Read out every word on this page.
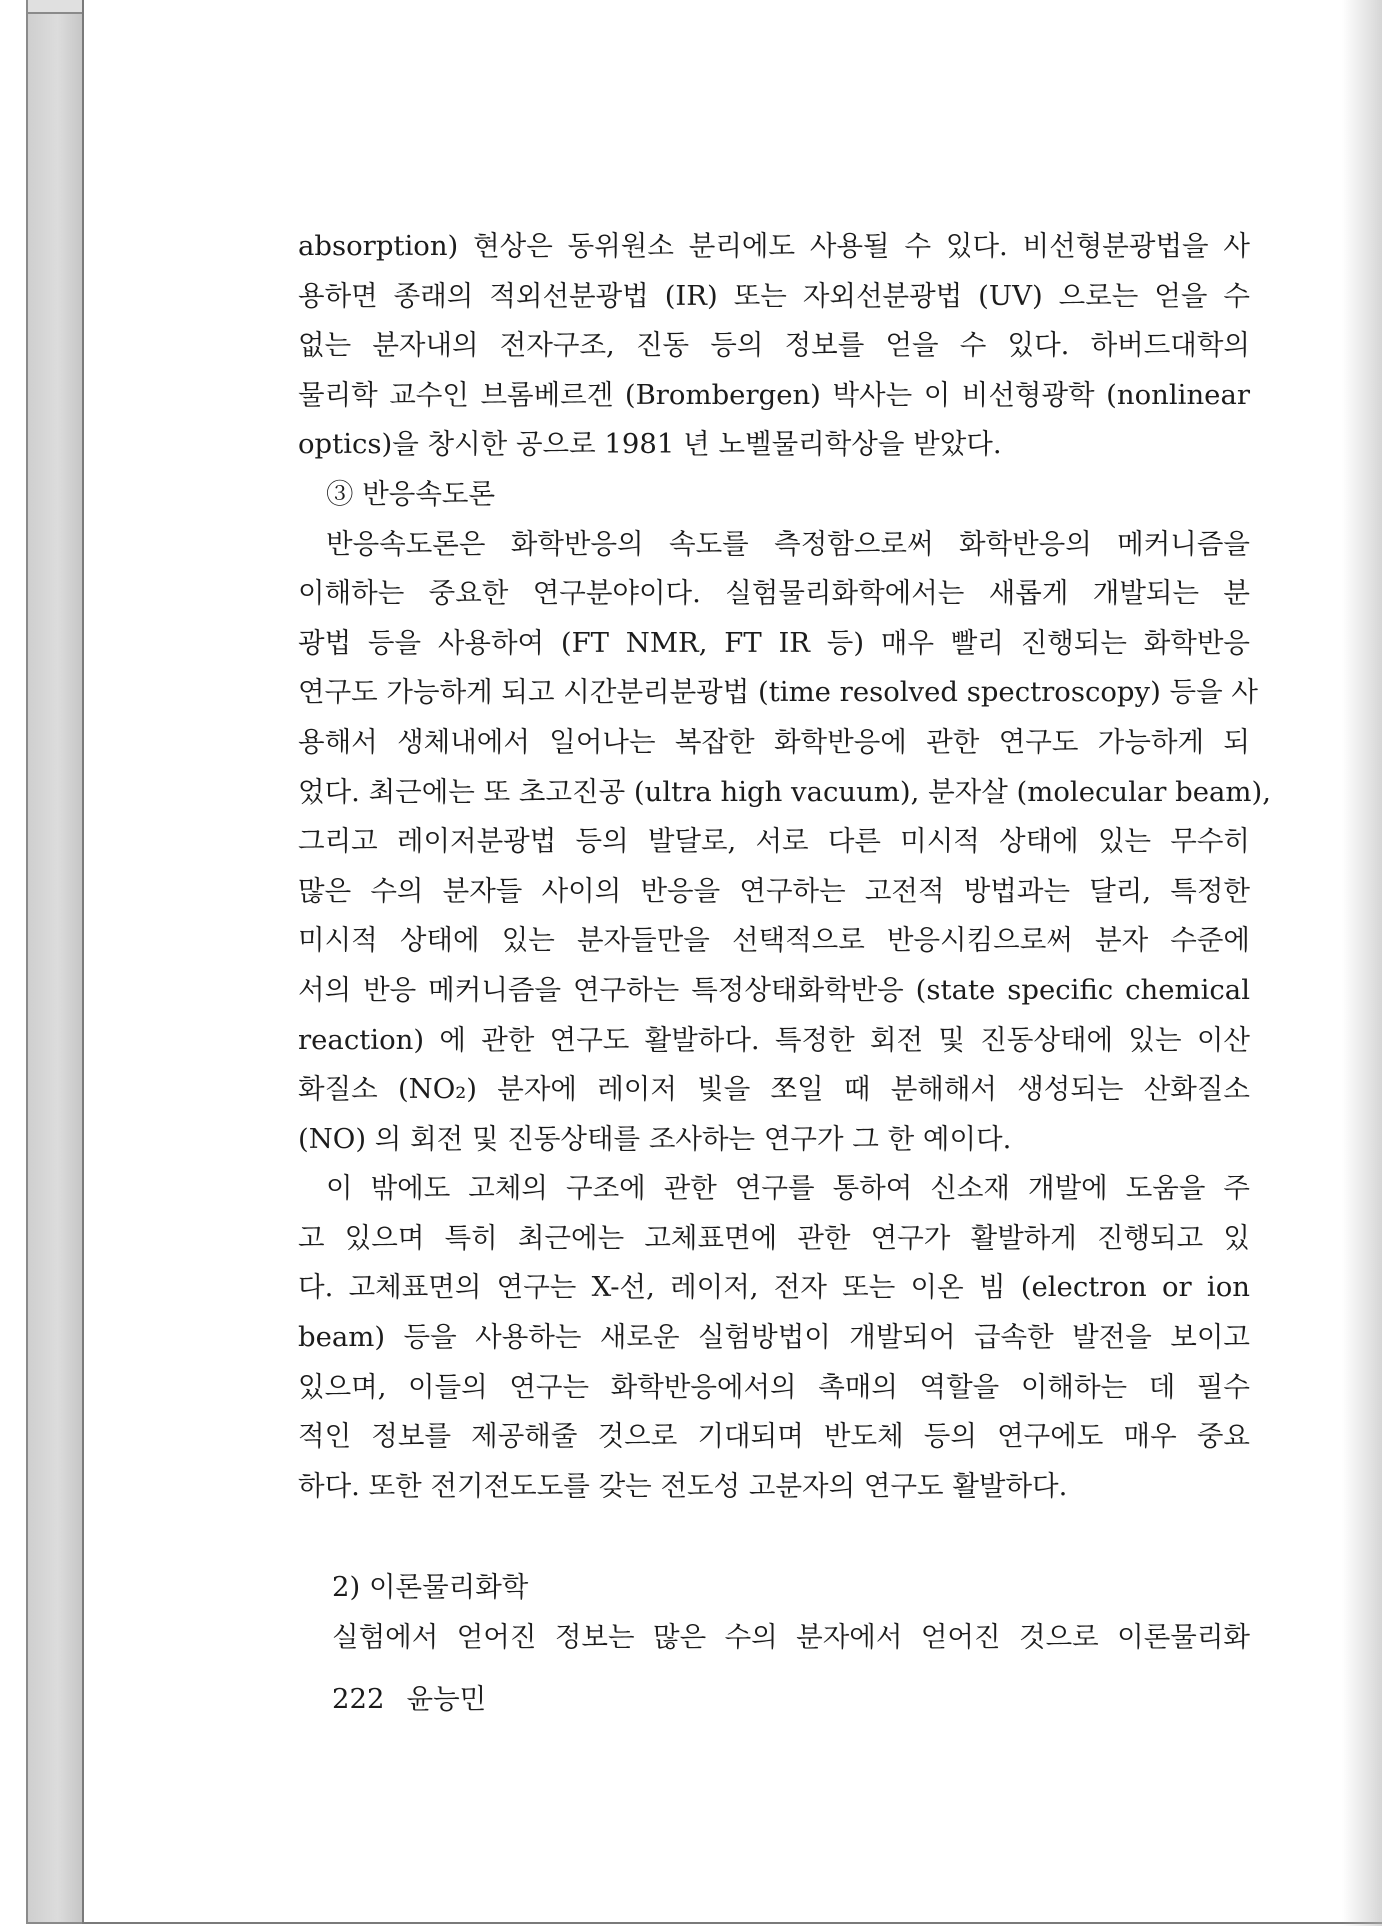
absorption) 현상은 동위원소 분리에도 사용될 수 있다. 비선형분광법을 사
용하면 종래의 적외선분광법 (IR) 또는 자외선분광법 (UV) 으로는 얻을 수
없는 분자내의 전자구조, 진동 등의 정보를 얻을 수 있다. 하버드대학의
물리학 교수인 브롬베르겐 (Brombergen) 박사는 이 비선형광학 (nonlinear
optics)을 창시한 공으로 1981 년 노벨물리학상을 받았다.
③ 반응속도론
반응속도론은 화학반응의 속도를 측정함으로써 화학반응의 메커니즘을
이해하는 중요한 연구분야이다. 실험물리화학에서는 새롭게 개발되는 분
광법 등을 사용하여 (FT NMR, FT IR 등) 매우 빨리 진행되는 화학반응
연구도 가능하게 되고 시간분리분광법 (time resolved spectroscopy) 등을 사
용해서 생체내에서 일어나는 복잡한 화학반응에 관한 연구도 가능하게 되
었다. 최근에는 또 초고진공 (ultra high vacuum), 분자살 (molecular beam),
그리고 레이저분광법 등의 발달로, 서로 다른 미시적 상태에 있는 무수히
많은 수의 분자들 사이의 반응을 연구하는 고전적 방법과는 달리, 특정한
미시적 상태에 있는 분자들만을 선택적으로 반응시킴으로써 분자 수준에
서의 반응 메커니즘을 연구하는 특정상태화학반응 (state specific chemical
reaction) 에 관한 연구도 활발하다. 특정한 회전 및 진동상태에 있는 이산
화질소 (NO₂) 분자에 레이저 빛을 쪼일 때 분해해서 생성되는 산화질소
(NO) 의 회전 및 진동상태를 조사하는 연구가 그 한 예이다.
이 밖에도 고체의 구조에 관한 연구를 통하여 신소재 개발에 도움을 주
고 있으며 특히 최근에는 고체표면에 관한 연구가 활발하게 진행되고 있
다. 고체표면의 연구는 X-선, 레이저, 전자 또는 이온 빔 (electron or ion
beam) 등을 사용하는 새로운 실험방법이 개발되어 급속한 발전을 보이고
있으며, 이들의 연구는 화학반응에서의 촉매의 역할을 이해하는 데 필수
적인 정보를 제공해줄 것으로 기대되며 반도체 등의 연구에도 매우 중요
하다. 또한 전기전도도를 갖는 전도성 고분자의 연구도 활발하다.
2) 이론물리화학
실험에서 얻어진 정보는 많은 수의 분자에서 얻어진 것으로 이론물리화
222 윤능민
